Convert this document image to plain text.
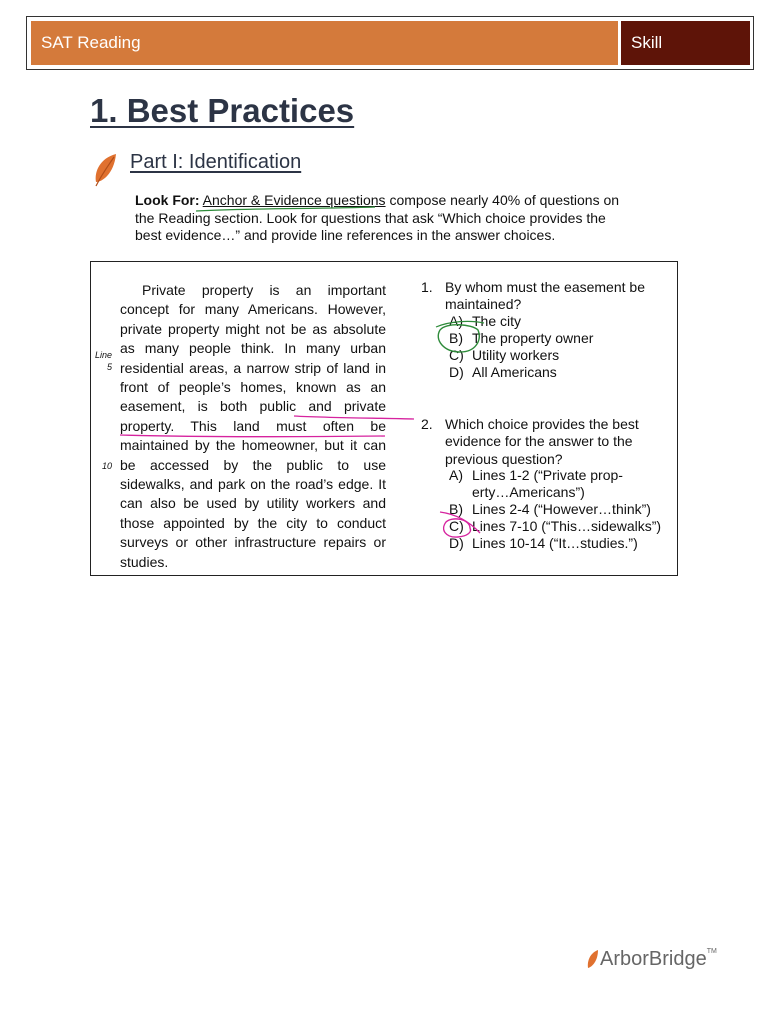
SAT Reading	Skill
1. Best Practices
Part I: Identification

Look For: Anchor & Evidence questions compose nearly 40% of questions on the Reading section. Look for questions that ask “Which choice provides the best evidence…” and provide line references in the answer choices.

Private property is an important concept for many Americans. However, private property might not be as absolute as many people think. In many urban residential areas, a narrow strip of land in front of people’s homes, known as an easement, is both public and private property. This land must often be maintained by the homeowner, but it can be accessed by the public to use sidewalks, and park on the road’s edge. It can also be used by utility workers and those appointed by the city to conduct surveys or other infrastructure repairs or studies.

Line
5
10
1. By whom must the easement be maintained?
A) The city
B) The property owner
C) Utility workers
D) All Americans
2. Which choice provides the best evidence for the answer to the previous question?
A) Lines 1-2 (“Private prop-
erty…Americans”)
B) Lines 2-4 (“However…think”)
C) Lines 7-10 (“This…sidewalks”)
D) Lines 10-14 (“It…studies.”)
ArborBridge TM
